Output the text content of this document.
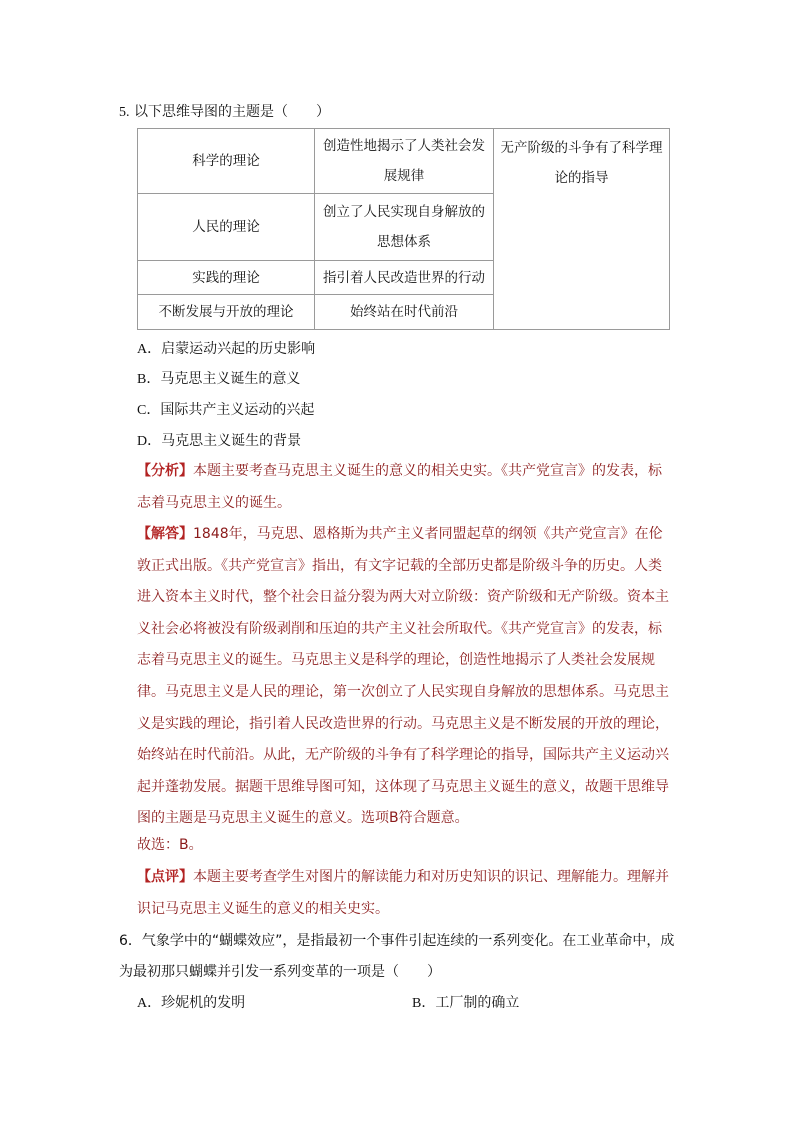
5. 以下思维导图的主题是（　　）
科学的理论	创造性地揭示了人类社会发展规律	无产阶级的斗争有了科学理论的指导
人民的理论	创立了人民实现自身解放的思想体系	
实践的理论	指引着人民改造世界的行动	
不断发展与开放的理论	始终站在时代前沿	
A．启蒙运动兴起的历史影响
B．马克思主义诞生的意义
C．国际共产主义运动的兴起
D．马克思主义诞生的背景
【分析】本题主要考查马克思主义诞生的意义的相关史实。《共产党宣言》的发表，标志着马克思主义的诞生。
【解答】1848年，马克思、恩格斯为共产主义者同盟起草的纲领《共产党宣言》在伦敦正式出版。《共产党宣言》指出，有文字记载的全部历史都是阶级斗争的历史。人类进入资本主义时代，整个社会日益分裂为两大对立阶级：资产阶级和无产阶级。资本主义社会必将被没有阶级剥削和压迫的共产主义社会所取代。《共产党宣言》的发表，标志着马克思主义的诞生。马克思主义是科学的理论，创造性地揭示了人类社会发展规律。马克思主义是人民的理论，第一次创立了人民实现自身解放的思想体系。马克思主义是实践的理论，指引着人民改造世界的行动。马克思主义是不断发展的开放的理论，始终站在时代前沿。从此，无产阶级的斗争有了科学理论的指导，国际共产主义运动兴起并蓬勃发展。据题干思维导图可知，这体现了马克思主义诞生的意义，故题干思维导图的主题是马克思主义诞生的意义。选项B符合题意。
故选：B。
【点评】本题主要考查学生对图片的解读能力和对历史知识的识记、理解能力。理解并识记马克思主义诞生的意义的相关史实。
6．气象学中的“蝴蝶效应”，是指最初一个事件引起连续的一系列变化。在工业革命中，成为最初那只蝴蝶并引发一系列变革的一项是（　　）
A．珍妮机的发明	B．工厂制的确立
